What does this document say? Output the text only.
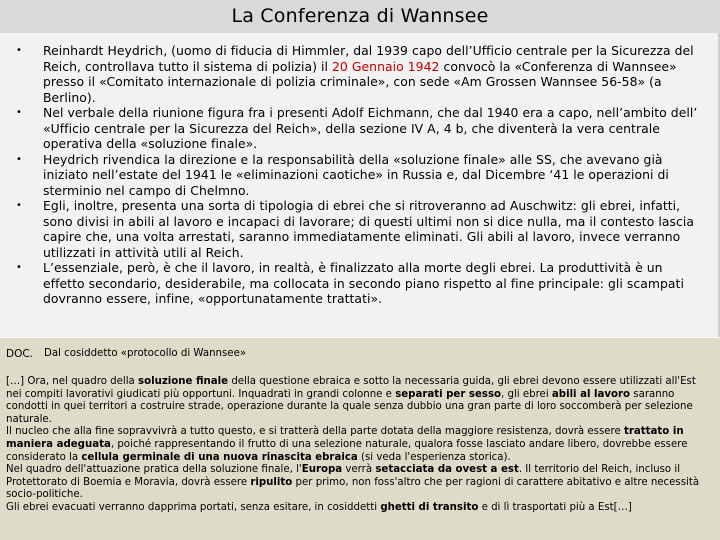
La Conferenza di Wannsee
• Reinhardt Heydrich, (uomo di fiducia di Himmler, dal 1939 capo dell’Ufficio centrale per la Sicurezza del Reich, controllava tutto il sistema di polizia) il 20 Gennaio 1942 convocò la «Conferenza di Wannsee» presso il «Comitato internazionale di polizia criminale», con sede «Am Grossen Wannsee 56-58» (a Berlino).
• Nel verbale della riunione figura fra i presenti Adolf Eichmann, che dal 1940 era a capo, nell’ambito dell’ «Ufficio centrale per la Sicurezza del Reich», della sezione IV A, 4 b, che diventerà la vera centrale operativa della «soluzione finale».
• Heydrich rivendica la direzione e la responsabilità della «soluzione finale» alle SS, che avevano già iniziato nell’estate del 1941 le «eliminazioni caotiche» in Russia e, dal Dicembre ‘41 le operazioni di sterminio nel campo di Chelmno.
• Egli, inoltre, presenta una sorta di tipologia di ebrei che si ritroveranno ad Auschwitz: gli ebrei, infatti, sono divisi in abili al lavoro e incapaci di lavorare; di questi ultimi non si dice nulla, ma il contesto lascia capire che, una volta arrestati, saranno immediatamente eliminati. Gli abili al lavoro, invece verranno utilizzati in attività utili al Reich.
• L’essenziale, però, è che il lavoro, in realtà, è finalizzato alla morte degli ebrei. La produttività è un effetto secondario, desiderabile, ma collocata in secondo piano rispetto al fine principale: gli scampati dovranno essere, infine, «opportunatamente trattati».
DOC. Dal cosiddetto «protocollo di Wannsee»

[…] Ora, nel quadro della soluzione finale della questione ebraica e sotto la necessaria guida, gli ebrei devono essere utilizzati all'Est nei compiti lavorativi giudicati più opportuni. Inquadrati in grandi colonne e separati per sesso, gli ebrei abili al lavoro saranno condotti in quei territori a costruire strade, operazione durante la quale senza dubbio una gran parte di loro soccomberà per selezione naturale.

Il nucleo che alla fine sopravvivrà a tutto questo, e si tratterà della parte dotata della maggiore resistenza, dovrà essere trattato in maniera adeguata, poiché rappresentando il frutto di una selezione naturale, qualora fosse lasciato andare libero, dovrebbe essere considerato la cellula germinale di una nuova rinascita ebraica (si veda l'esperienza storica).

Nel quadro dell'attuazione pratica della soluzione finale, l'Europa verrà setacciata da ovest a est. Il territorio del Reich, incluso il Protettorato di Boemia e Moravia, dovrà essere ripulito per primo, non foss'altro che per ragioni di carattere abitativo e altre necessità socio-politiche.

Gli ebrei evacuati verranno dapprima portati, senza esitare, in cosiddetti ghetti di transito e di lì trasportati più a Est[…]
